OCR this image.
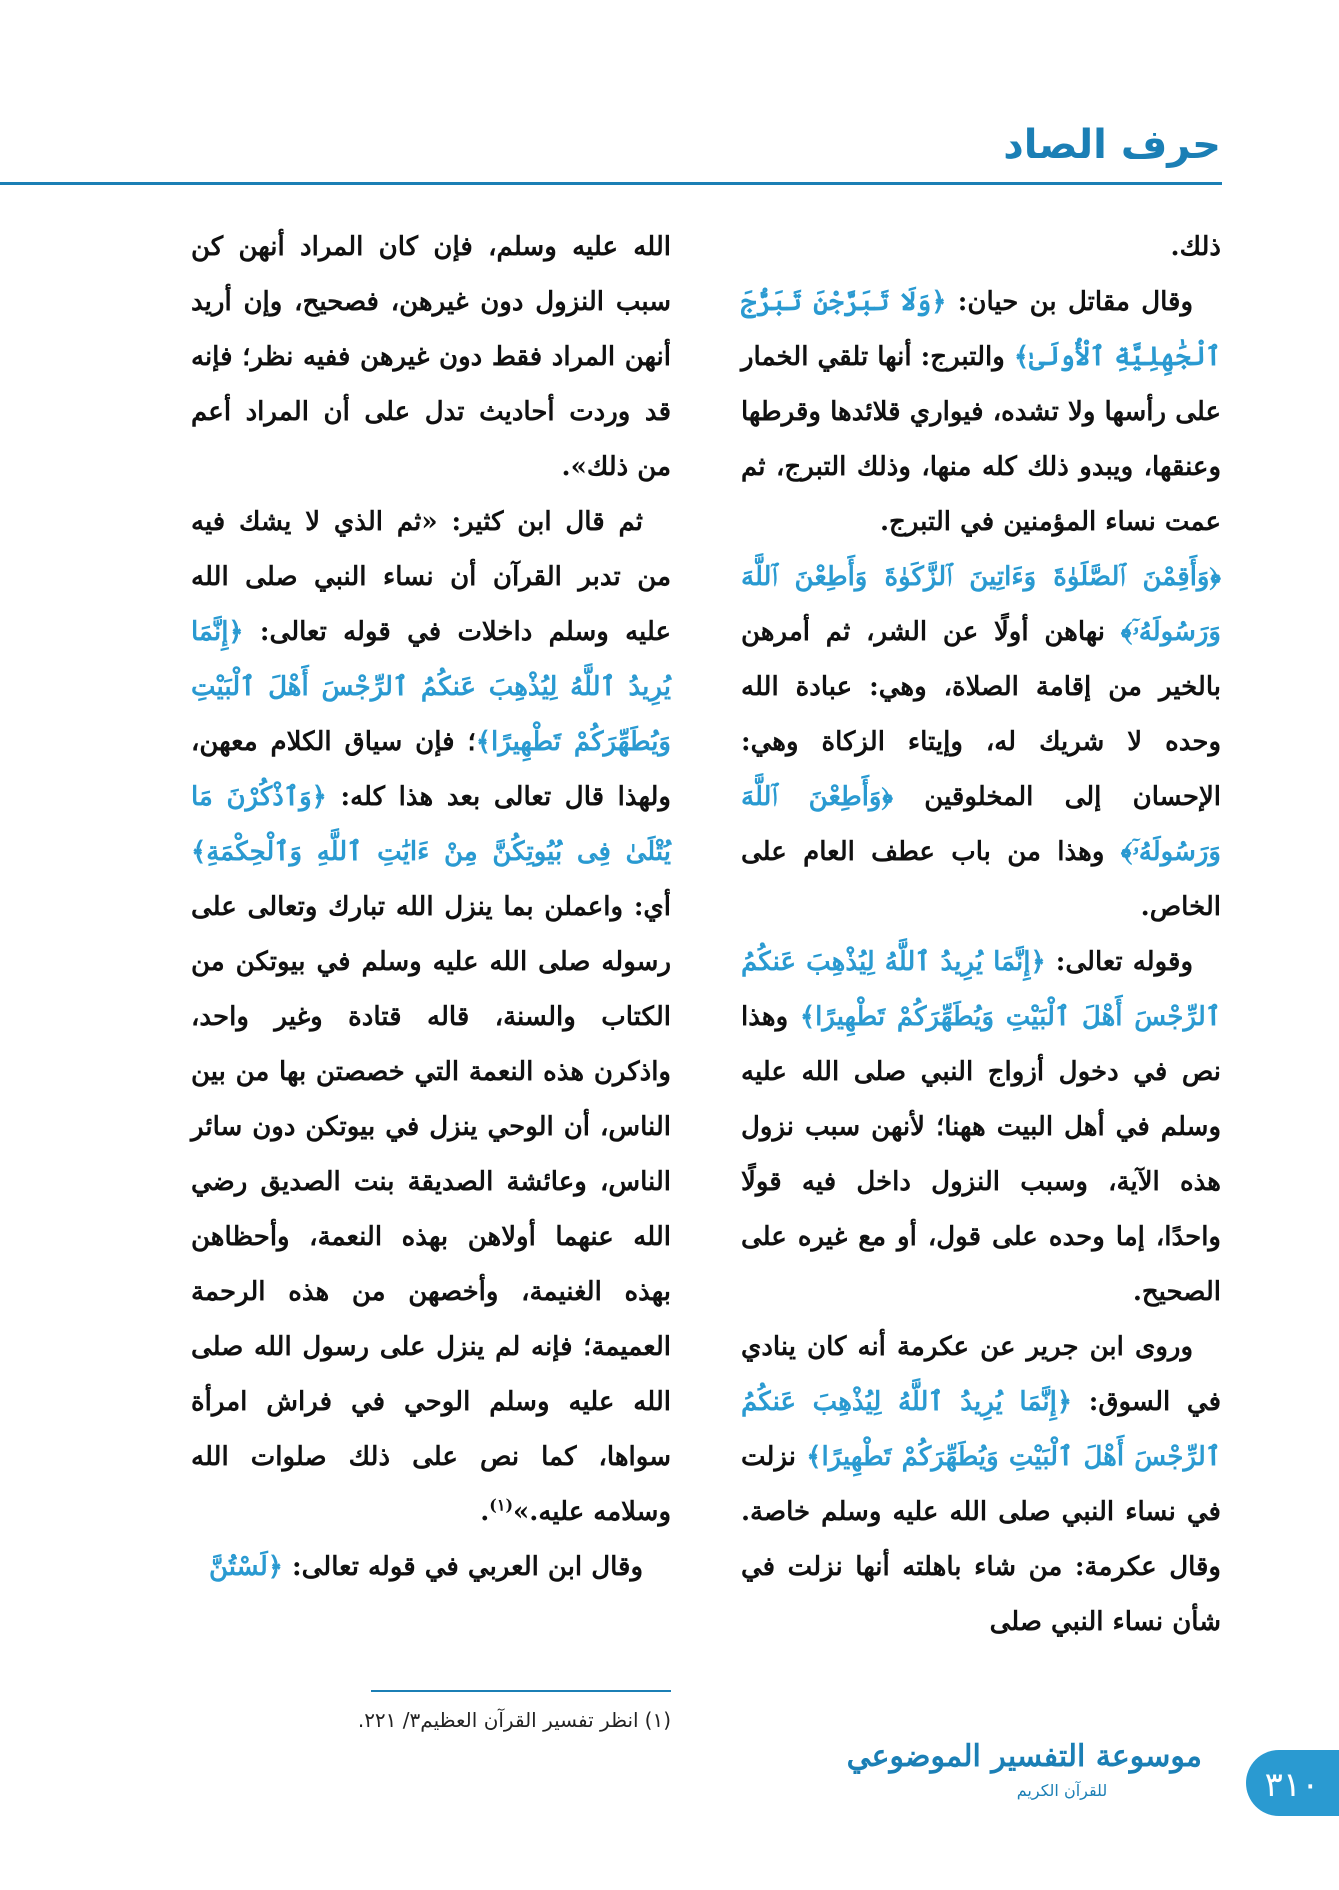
حرف الصاد

ذلك.

وقال مقاتل بن حيان: ﴿وَلَا تَبَرَّجْنَ تَبَرُّجَ ٱلْجَٰهِلِيَّةِ ٱلْأُولَىٰ﴾ والتبرج: أنها تلقي الخمار على رأسها ولا تشده، فيواري قلائدها وقرطها وعنقها، ويبدو ذلك كله منها، وذلك التبرج، ثم عمت نساء المؤمنين في التبرج.

﴿وَأَقِمْنَ ٱلصَّلَوٰةَ وَءَاتِينَ ٱلزَّكَوٰةَ وَأَطِعْنَ ٱللَّهَ وَرَسُولَهُۥٓ﴾ نهاهن أولًا عن الشر، ثم أمرهن بالخير من إقامة الصلاة، وهي: عبادة الله وحده لا شريك له، وإيتاء الزكاة وهي: الإحسان إلى المخلوقين ﴿وَأَطِعْنَ ٱللَّهَ وَرَسُولَهُۥٓ﴾ وهذا من باب عطف العام على الخاص.

وقوله تعالى: ﴿إِنَّمَا يُرِيدُ ٱللَّهُ لِيُذْهِبَ عَنكُمُ ٱلرِّجْسَ أَهْلَ ٱلْبَيْتِ وَيُطَهِّرَكُمْ تَطْهِيرًا﴾ وهذا نص في دخول أزواج النبي صلى الله عليه وسلم في أهل البيت ههنا؛ لأنهن سبب نزول هذه الآية، وسبب النزول داخل فيه قولًا واحدًا، إما وحده على قول، أو مع غيره على الصحيح.

وروى ابن جرير عن عكرمة أنه كان ينادي في السوق: ﴿إِنَّمَا يُرِيدُ ٱللَّهُ لِيُذْهِبَ عَنكُمُ ٱلرِّجْسَ أَهْلَ ٱلْبَيْتِ وَيُطَهِّرَكُمْ تَطْهِيرًا﴾ نزلت في نساء النبي صلى الله عليه وسلم خاصة. وقال عكرمة: من شاء باهلته أنها نزلت في شأن نساء النبي صلى

الله عليه وسلم، فإن كان المراد أنهن كن سبب النزول دون غيرهن، فصحيح، وإن أريد أنهن المراد فقط دون غيرهن ففيه نظر؛ فإنه قد وردت أحاديث تدل على أن المراد أعم من ذلك».

ثم قال ابن كثير: «ثم الذي لا يشك فيه من تدبر القرآن أن نساء النبي صلى الله عليه وسلم داخلات في قوله تعالى: ﴿إِنَّمَا يُرِيدُ ٱللَّهُ لِيُذْهِبَ عَنكُمُ ٱلرِّجْسَ أَهْلَ ٱلْبَيْتِ وَيُطَهِّرَكُمْ تَطْهِيرًا﴾؛ فإن سياق الكلام معهن، ولهذا قال تعالى بعد هذا كله: ﴿وَٱذْكُرْنَ مَا يُتْلَىٰ فِى بُيُوتِكُنَّ مِنْ ءَايَٰتِ ٱللَّهِ وَٱلْحِكْمَةِ﴾ أي: واعملن بما ينزل الله تبارك وتعالى على رسوله صلى الله عليه وسلم في بيوتكن من الكتاب والسنة، قاله قتادة وغير واحد، واذكرن هذه النعمة التي خصصتن بها من بين الناس، أن الوحي ينزل في بيوتكن دون سائر الناس، وعائشة الصديقة بنت الصديق رضي الله عنهما أولاهن بهذه النعمة، وأحظاهن بهذه الغنيمة، وأخصهن من هذه الرحمة العميمة؛ فإنه لم ينزل على رسول الله صلى الله عليه وسلم الوحي في فراش امرأة سواها، كما نص على ذلك صلوات الله وسلامه عليه.»$^{(١)}$.

وقال ابن العربي في قوله تعالى: ﴿لَسْتُنَّ

(١)انظر تفسير القرآن العظيم٣/ ٢٢١.
موسوعة التفسير الموضوعي
للقرآن الكريم	٣١٠
